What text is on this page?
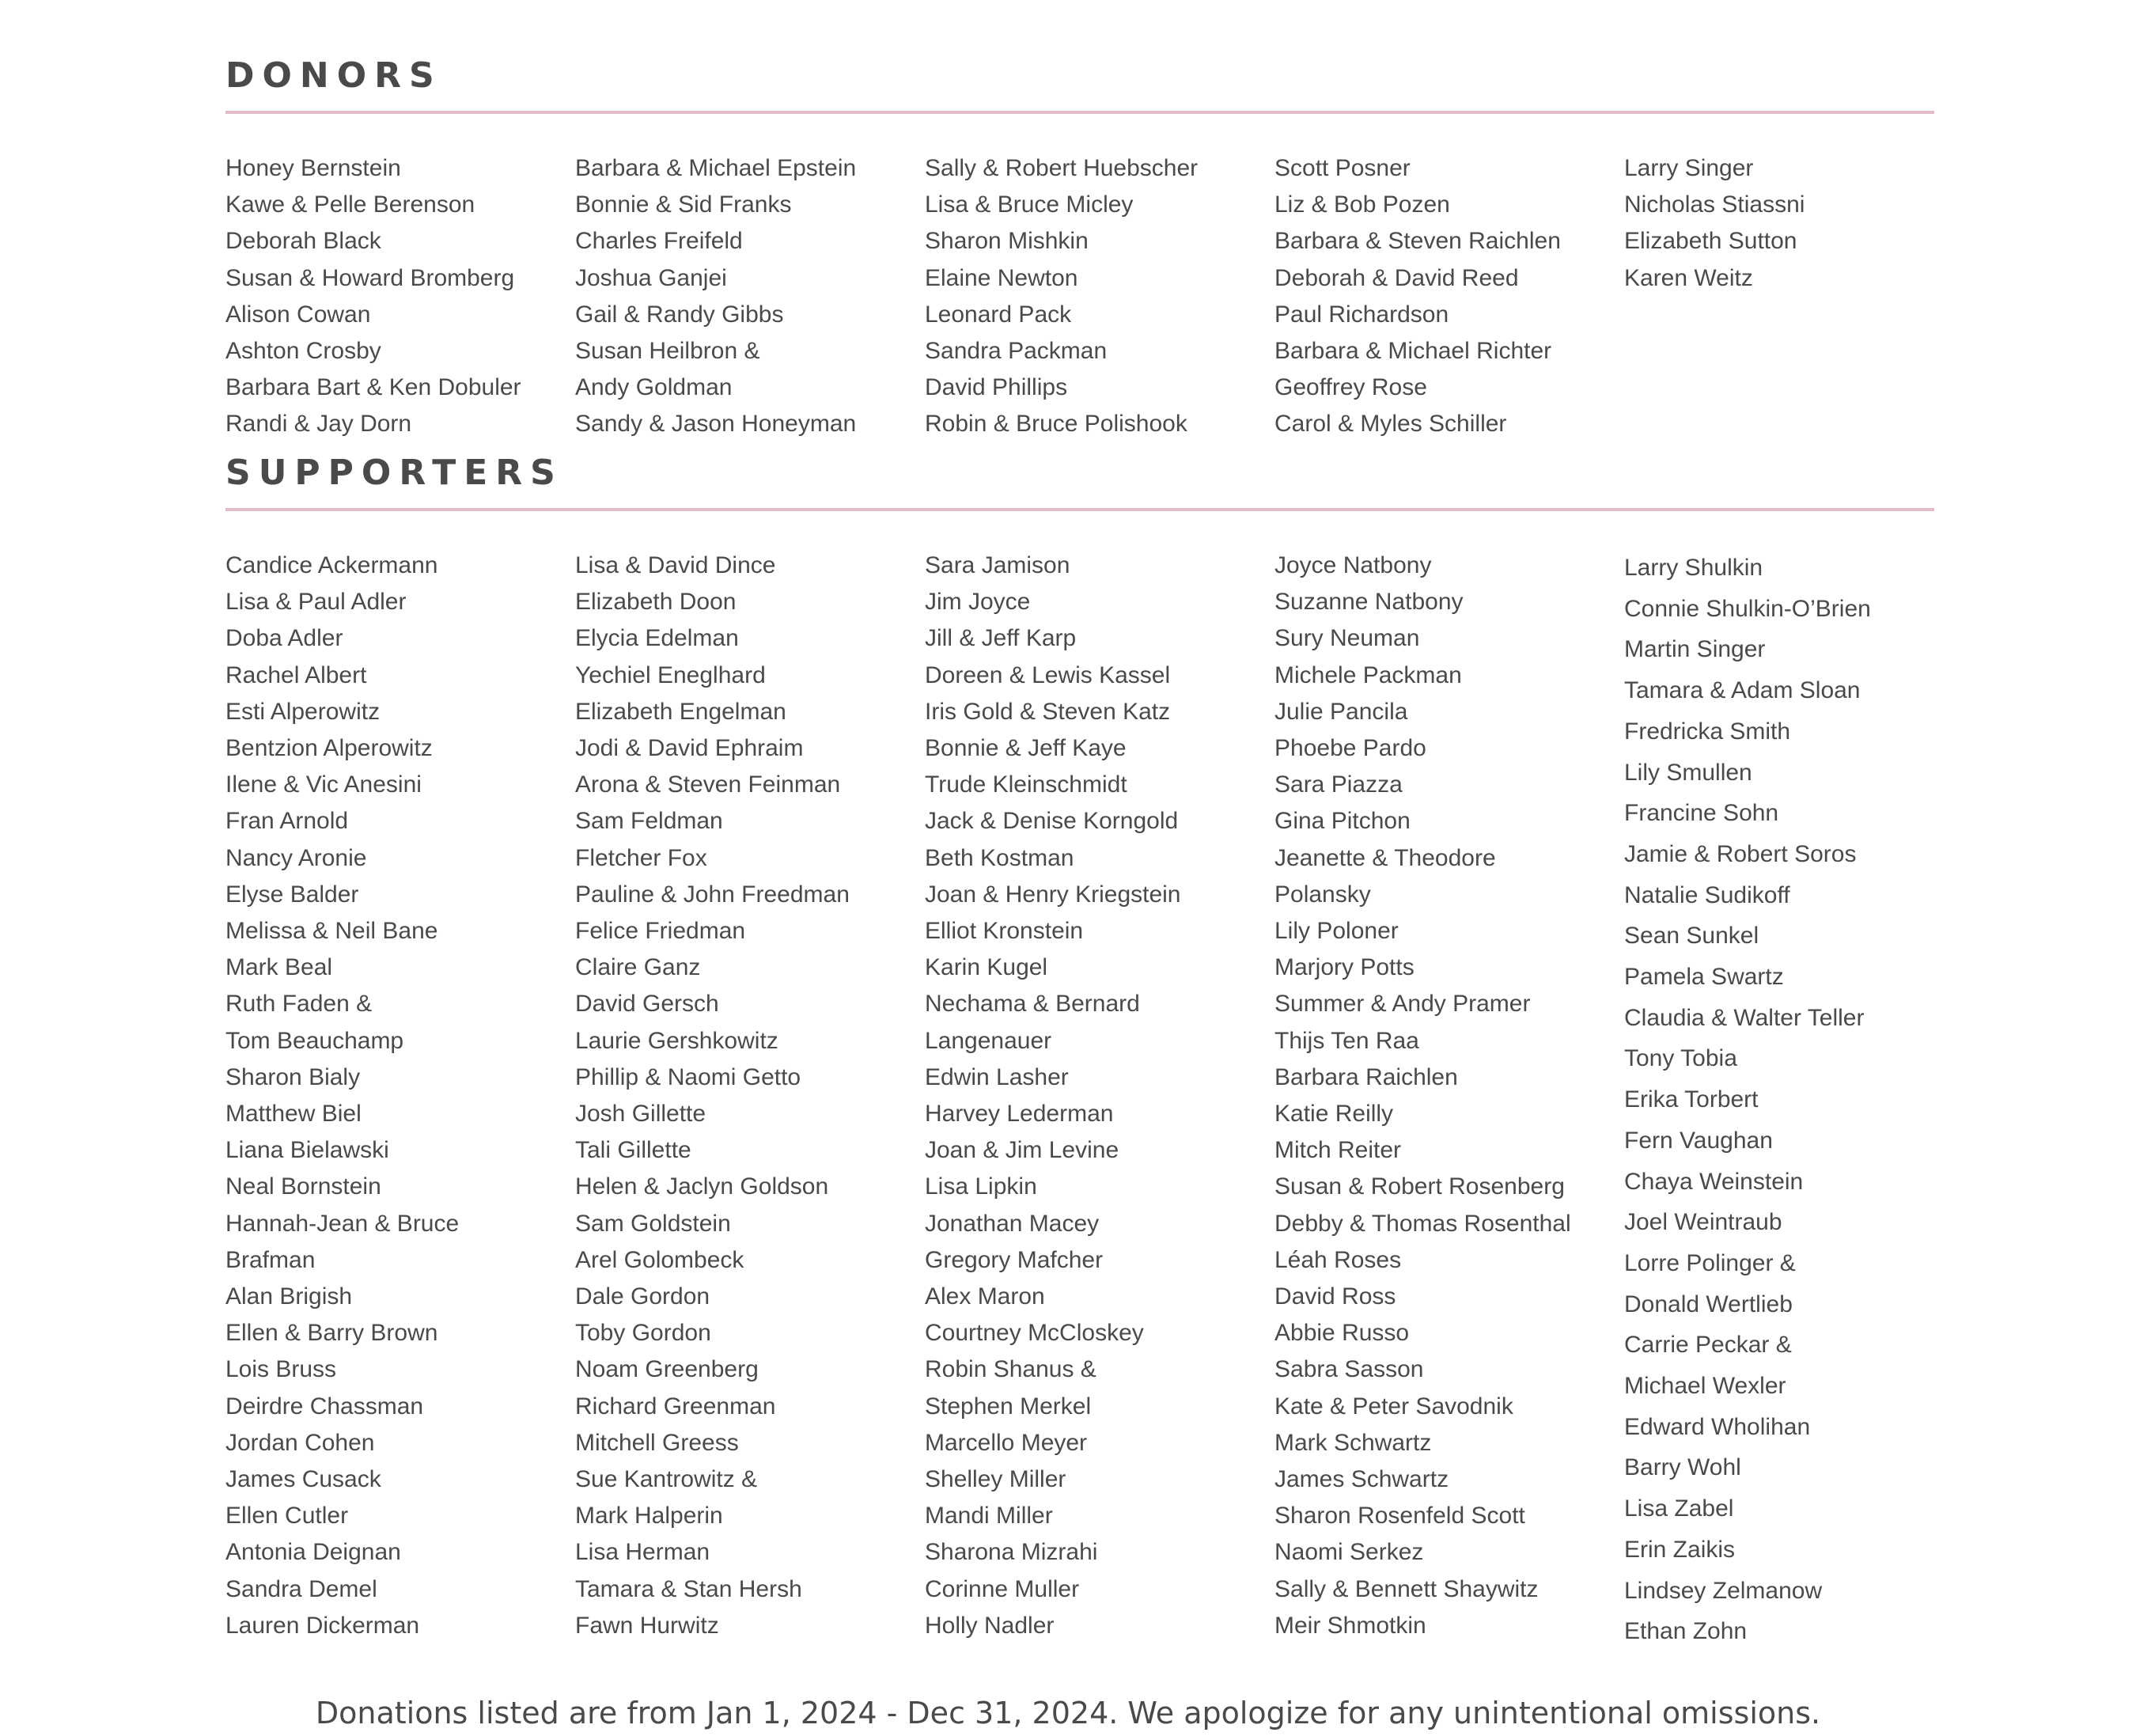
DONORS
Honey Bernstein
Kawe & Pelle Berenson
Deborah Black
Susan & Howard Bromberg
Alison Cowan
Ashton Crosby
Barbara Bart & Ken Dobuler
Randi & Jay Dorn
Barbara & Michael Epstein
Bonnie & Sid Franks
Charles Freifeld
Joshua Ganjei
Gail & Randy Gibbs
Susan Heilbron &
Andy Goldman
Sandy & Jason Honeyman
Sally & Robert Huebscher
Lisa & Bruce Micley
Sharon Mishkin
Elaine Newton
Leonard Pack
Sandra Packman
David Phillips
Robin & Bruce Polishook
Scott Posner
Liz & Bob Pozen
Barbara & Steven Raichlen
Deborah & David Reed
Paul Richardson
Barbara & Michael Richter
Geoffrey Rose
Carol & Myles Schiller
Larry Singer
Nicholas Stiassni
Elizabeth Sutton
Karen Weitz
SUPPORTERS
Candice Ackermann
Lisa & Paul Adler
Doba Adler
Rachel Albert
Esti Alperowitz
Bentzion Alperowitz
Ilene & Vic Anesini
Fran Arnold
Nancy Aronie
Elyse Balder
Melissa & Neil Bane
Mark Beal
Ruth Faden &
Tom Beauchamp
Sharon Bialy
Matthew Biel
Liana Bielawski
Neal Bornstein
Hannah-Jean & Bruce
Brafman
Alan Brigish
Ellen & Barry Brown
Lois Bruss
Deirdre Chassman
Jordan Cohen
James Cusack
Ellen Cutler
Antonia Deignan
Sandra Demel
Lauren Dickerman
Lisa & David Dince
Elizabeth Doon
Elycia Edelman
Yechiel Eneglhard
Elizabeth Engelman
Jodi & David Ephraim
Arona & Steven Feinman
Sam Feldman
Fletcher Fox
Pauline & John Freedman
Felice Friedman
Claire Ganz
David Gersch
Laurie Gershkowitz
Phillip & Naomi Getto
Josh Gillette
Tali Gillette
Helen & Jaclyn Goldson
Sam Goldstein
Arel Golombeck
Dale Gordon
Toby Gordon
Noam Greenberg
Richard Greenman
Mitchell Greess
Sue Kantrowitz &
Mark Halperin
Lisa Herman
Tamara & Stan Hersh
Fawn Hurwitz
Sara Jamison
Jim Joyce
Jill & Jeff Karp
Doreen & Lewis Kassel
Iris Gold & Steven Katz
Bonnie & Jeff Kaye
Trude Kleinschmidt
Jack & Denise Korngold
Beth Kostman
Joan & Henry Kriegstein
Elliot Kronstein
Karin Kugel
Nechama & Bernard
Langenauer
Edwin Lasher
Harvey Lederman
Joan & Jim Levine
Lisa Lipkin
Jonathan Macey
Gregory Mafcher
Alex Maron
Courtney McCloskey
Robin Shanus &
Stephen Merkel
Marcello Meyer
Shelley Miller
Mandi Miller
Sharona Mizrahi
Corinne Muller
Holly Nadler
Joyce Natbony
Suzanne Natbony
Sury Neuman
Michele Packman
Julie Pancila
Phoebe Pardo
Sara Piazza
Gina Pitchon
Jeanette & Theodore
Polansky
Lily Poloner
Marjory Potts
Summer & Andy Pramer
Thijs Ten Raa
Barbara Raichlen
Katie Reilly
Mitch Reiter
Susan & Robert Rosenberg
Debby & Thomas Rosenthal
Léah Roses
David Ross
Abbie Russo
Sabra Sasson
Kate & Peter Savodnik
Mark Schwartz
James Schwartz
Sharon Rosenfeld Scott
Naomi Serkez
Sally & Bennett Shaywitz
Meir Shmotkin
Larry Shulkin
Connie Shulkin-O’Brien
Martin Singer
Tamara & Adam Sloan
Fredricka Smith
Lily Smullen
Francine Sohn
Jamie & Robert Soros
Natalie Sudikoff
Sean Sunkel
Pamela Swartz
Claudia & Walter Teller
Tony Tobia
Erika Torbert
Fern Vaughan
Chaya Weinstein
Joel Weintraub
Lorre Polinger &
Donald Wertlieb
Carrie Peckar &
Michael Wexler
Edward Wholihan
Barry Wohl
Lisa Zabel
Erin Zaikis
Lindsey Zelmanow
Ethan Zohn
Donations listed are from Jan 1, 2024 - Dec 31, 2024. We apologize for any unintentional omissions.
